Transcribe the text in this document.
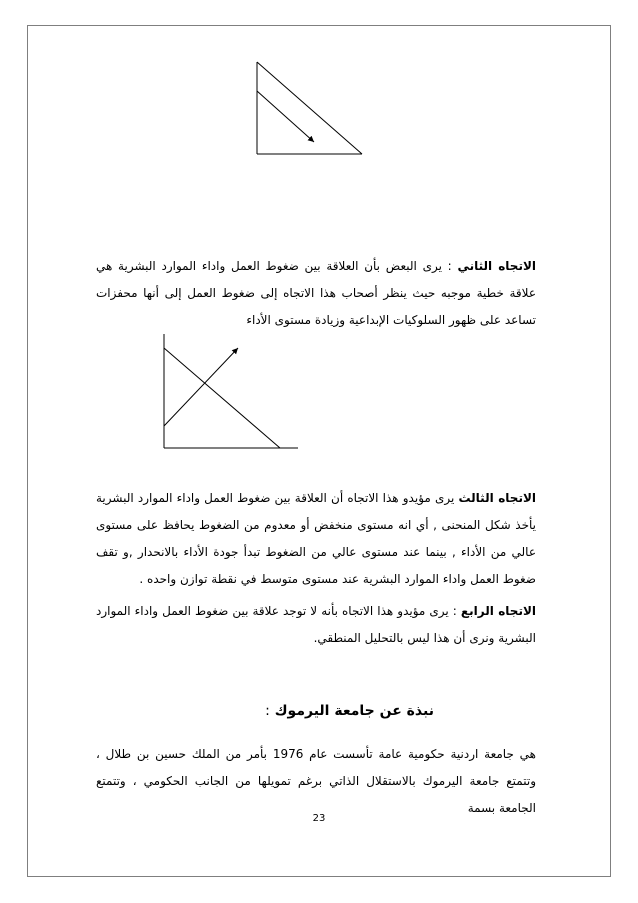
الاتجاه الثاني : يرى البعض بأن العلاقة بين ضغوط العمل واداء الموارد البشرية هي علاقة خطية موجبه حيث ينظر أصحاب هذا الاتجاه إلى ضغوط العمل إلى أنها محفزات تساعد على ظهور السلوكيات الإبداعية وزيادة مستوى الأداء

الاتجاه الثالث يرى مؤيدو هذا الاتجاه أن العلاقة بين ضغوط العمل واداء الموارد البشرية يأخذ شكل المنحنى , أي انه مستوى منخفض أو معدوم من الضغوط يحافظ على مستوى عالي من الأداء , بينما عند مستوى عالي من الضغوط تبدأ جودة الأداء بالانحدار ,و تقف ضغوط العمل واداء الموارد البشرية عند مستوى متوسط في نقطة توازن واحده .

الاتجاه الرابع : يرى مؤيدو هذا الاتجاه بأنه لا توجد علاقة بين ضغوط العمل واداء الموارد البشرية ونرى أن هذا ليس بالتحليل المنطقي.

نبذة عن جامعة اليرموك :

هي جامعة اردنية حكومية عامة تأسست عام 1976 بأمر من الملك حسين بن طلال ، وتتمتع جامعة اليرموك بالاستقلال الذاتي برغم تمويلها من الجانب الحكومي ، وتتمتع الجامعة بسمة

23
